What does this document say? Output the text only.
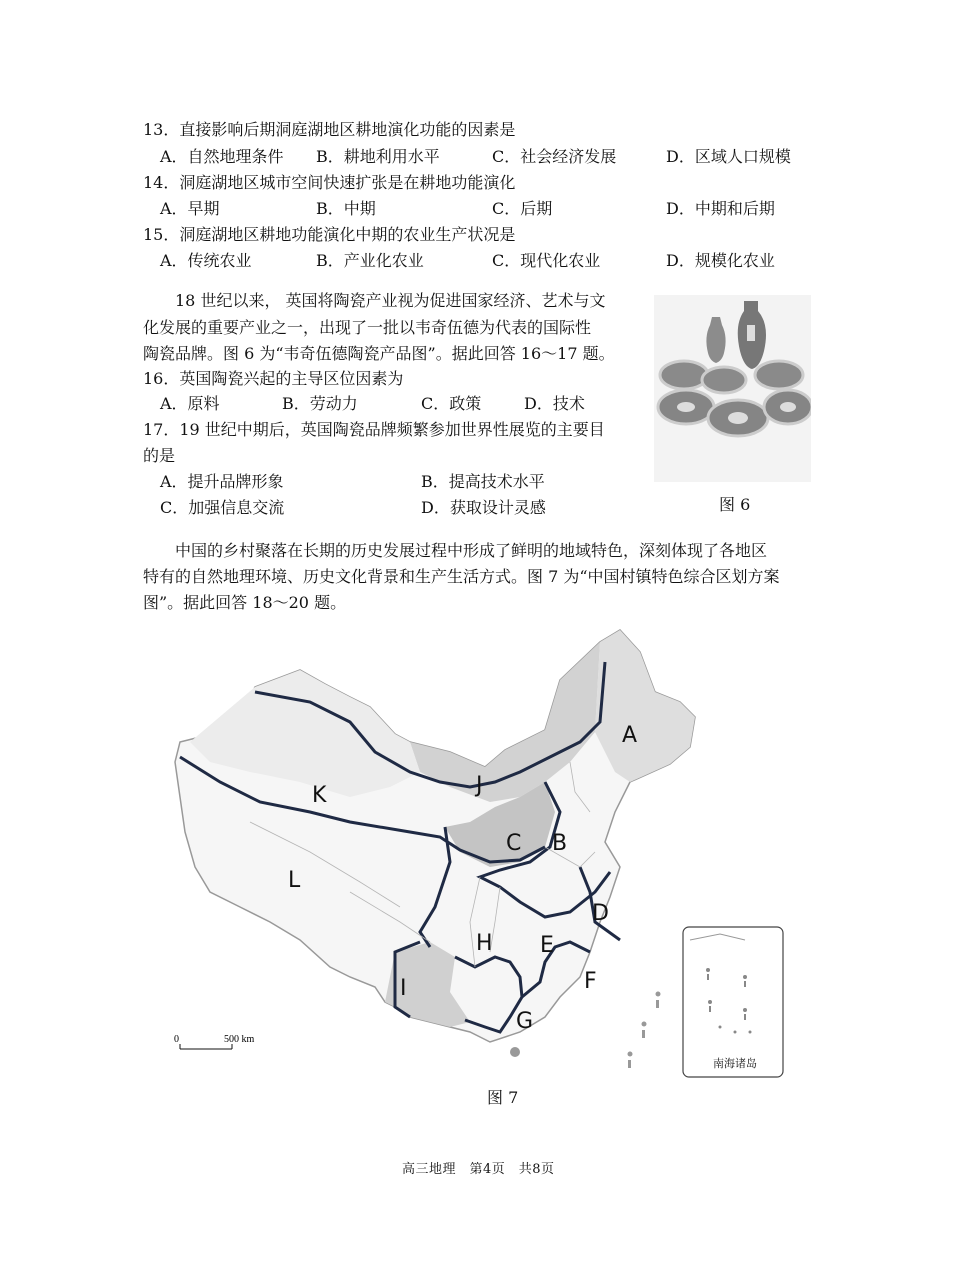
13．直接影响后期洞庭湖地区耕地演化功能的因素是
A．自然地理条件 B．耕地利用水平	C．社会经济发展	D．区域人口规模
14．洞庭湖地区城市空间快速扩张是在耕地功能演化
A．早期	B．中期	C．后期	D．中期和后期
15．洞庭湖地区耕地功能演化中期的农业生产状况是
A．传统农业	B．产业化农业	C．现代化农业	D．规模化农业
18 世纪以来， 英国将陶瓷产业视为促进国家经济、艺术与文
化发展的重要产业之一，出现了一批以韦奇伍德为代表的国际性
陶瓷品牌。图 6 为“韦奇伍德陶瓷产品图”。据此回答 16～17 题。
16．英国陶瓷兴起的主导区位因素为
A．原料	B．劳动力	C．政策	D．技术
17．19 世纪中期后，英国陶瓷品牌频繁参加世界性展览的主要目
的是
A．提升品牌形象	B．提高技术水平
C．加强信息交流	D．获取设计灵感	图 6
中国的乡村聚落在长期的历史发展过程中形成了鲜明的地域特色，深刻体现了各地区
特有的自然地理环境、历史文化背景和生产生活方式。图 7 为“中国村镇特色综合区划方案
图”。据此回答 18～20 题。
A
B
C
D
E
F
G
H
I
J
K
L
0	500 km
南海诸岛
图 7
高三地理　第4页　共8页
